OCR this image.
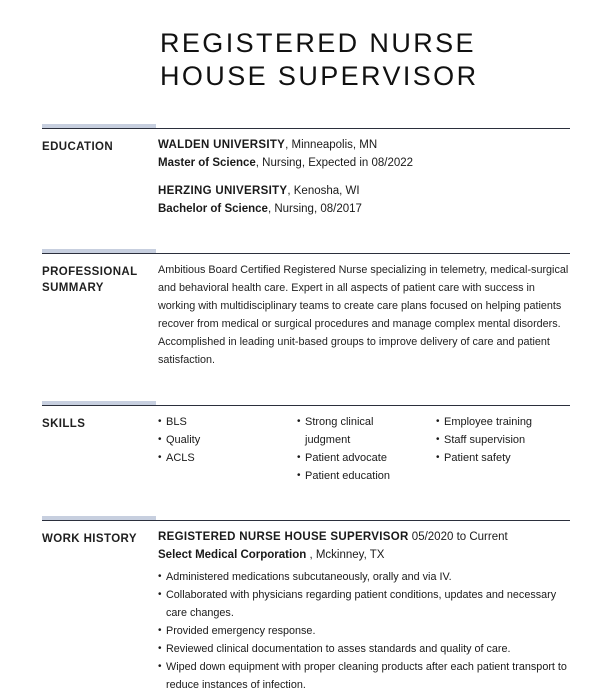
REGISTERED NURSE
HOUSE SUPERVISOR
EDUCATION	WALDEN UNIVERSITY, Minneapolis, MN
Master of Science, Nursing, Expected in 08/2022
HERZING UNIVERSITY, Kenosha, WI
Bachelor of Science, Nursing, 08/2017
PROFESSIONAL
SUMMARY
Ambitious Board Certified Registered Nurse specializing in telemetry, medical-surgical and behavioral health care. Expert in all aspects of patient care with success in working with multidisciplinary teams to create care plans focused on helping patients recover from medical or surgical procedures and manage complex mental disorders. Accomplished in leading unit-based groups to improve delivery of care and patient satisfaction.
SKILLS
•	BLS
• Quality
• ACLS
• Strong clinical judgment
• Patient advocate
• Patient education
• Employee training
• Staff supervision
• Patient safety
WORK HISTORY	REGISTERED NURSE HOUSE SUPERVISOR 05/2020 to Current
Select Medical Corporation , Mckinney, TX
• Administered medications subcutaneously, orally and via IV.
• Collaborated with physicians regarding patient conditions, updates and necessary care changes.
• Provided emergency response.
• Reviewed clinical documentation to asses standards and quality of care.
• Wiped down equipment with proper cleaning products after each patient transport to reduce instances of infection.
